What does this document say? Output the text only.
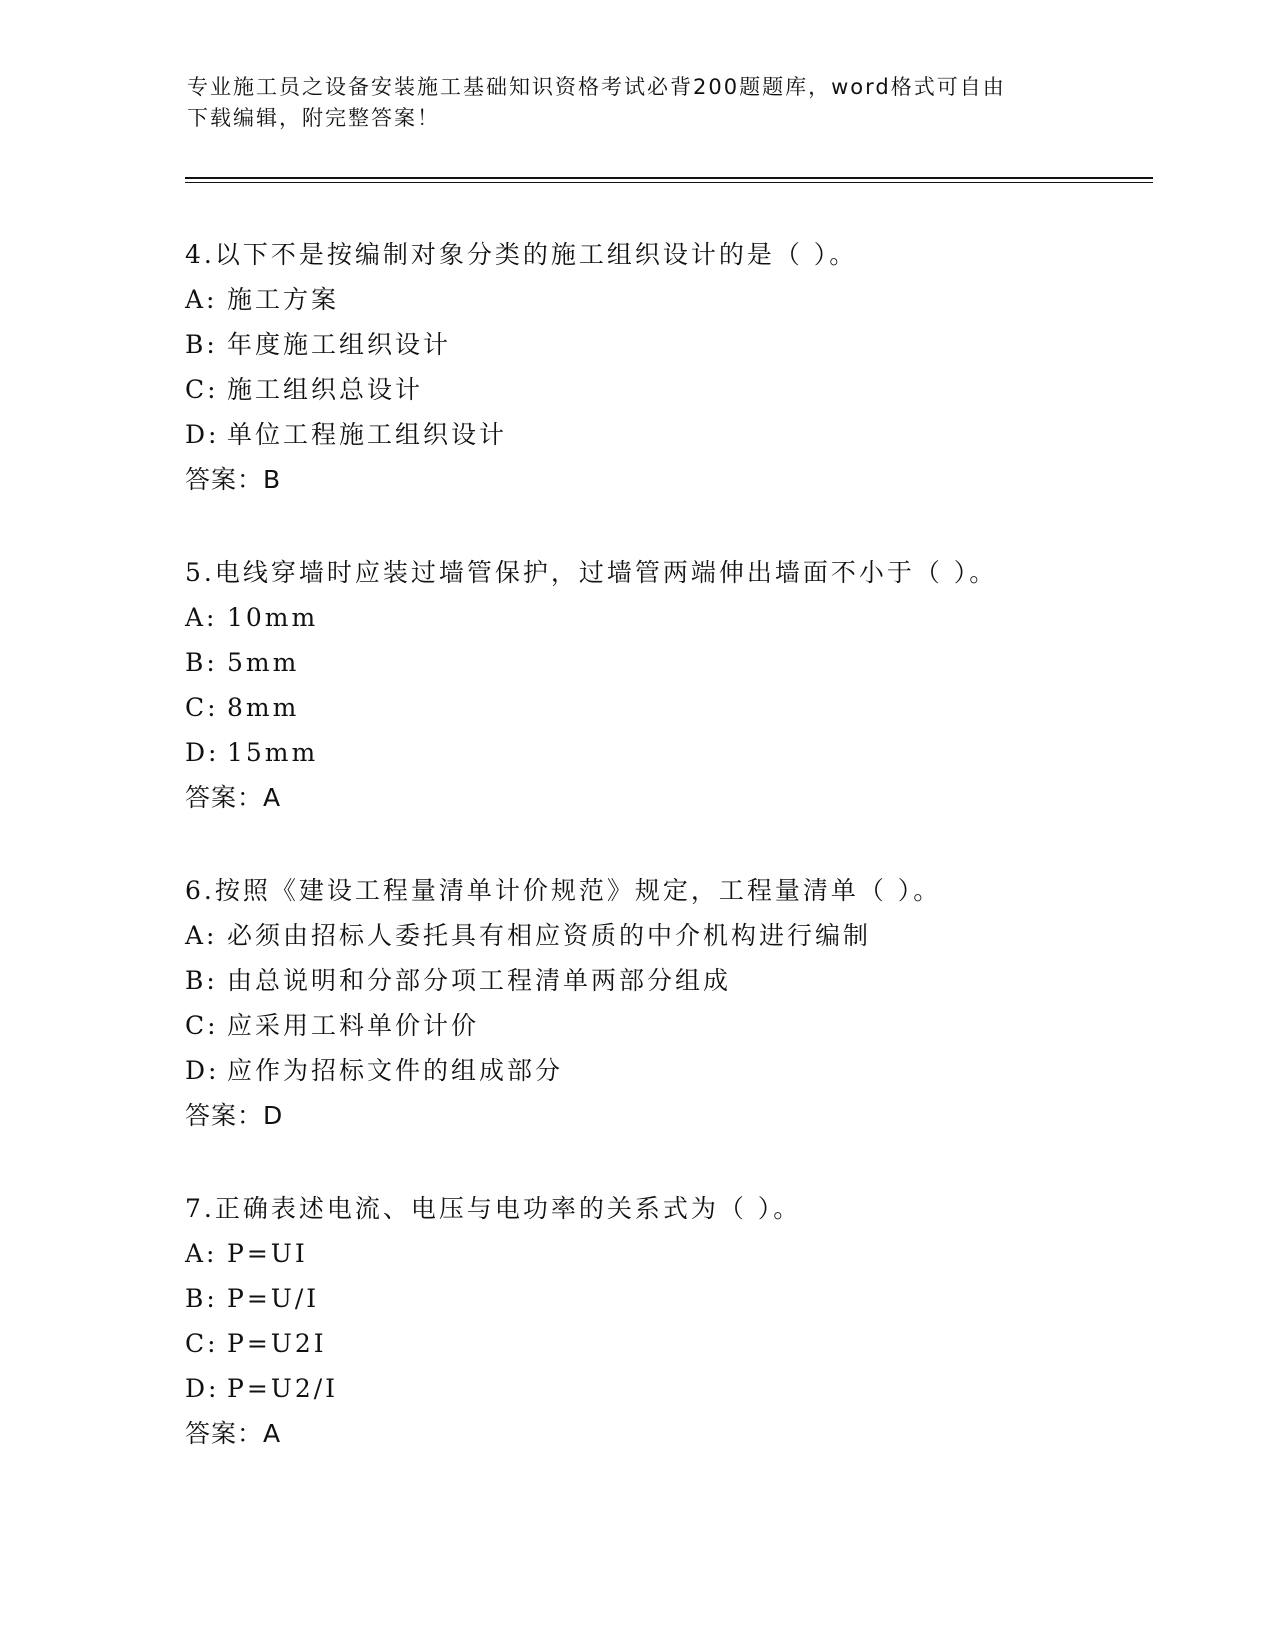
专业施工员之设备安装施工基础知识资格考试必背200题题库，word格式可自由
下载编辑，附完整答案！
4.以下不是按编制对象分类的施工组织设计的是（ ）。
A: 施工方案
B: 年度施工组织设计
C: 施工组织总设计
D: 单位工程施工组织设计
答案：B
5.电线穿墙时应装过墙管保护，过墙管两端伸出墙面不小于（ ）。
A: 10mm
B: 5mm
C: 8mm
D: 15mm
答案：A
6.按照《建设工程量清单计价规范》规定，工程量清单（ ）。
A: 必须由招标人委托具有相应资质的中介机构进行编制
B: 由总说明和分部分项工程清单两部分组成
C: 应采用工料单价计价
D: 应作为招标文件的组成部分
答案：D
7.正确表述电流、电压与电功率的关系式为（ ）。
A: P=UI
B: P=U/I
C: P=U2I
D: P=U2/I
答案：A
